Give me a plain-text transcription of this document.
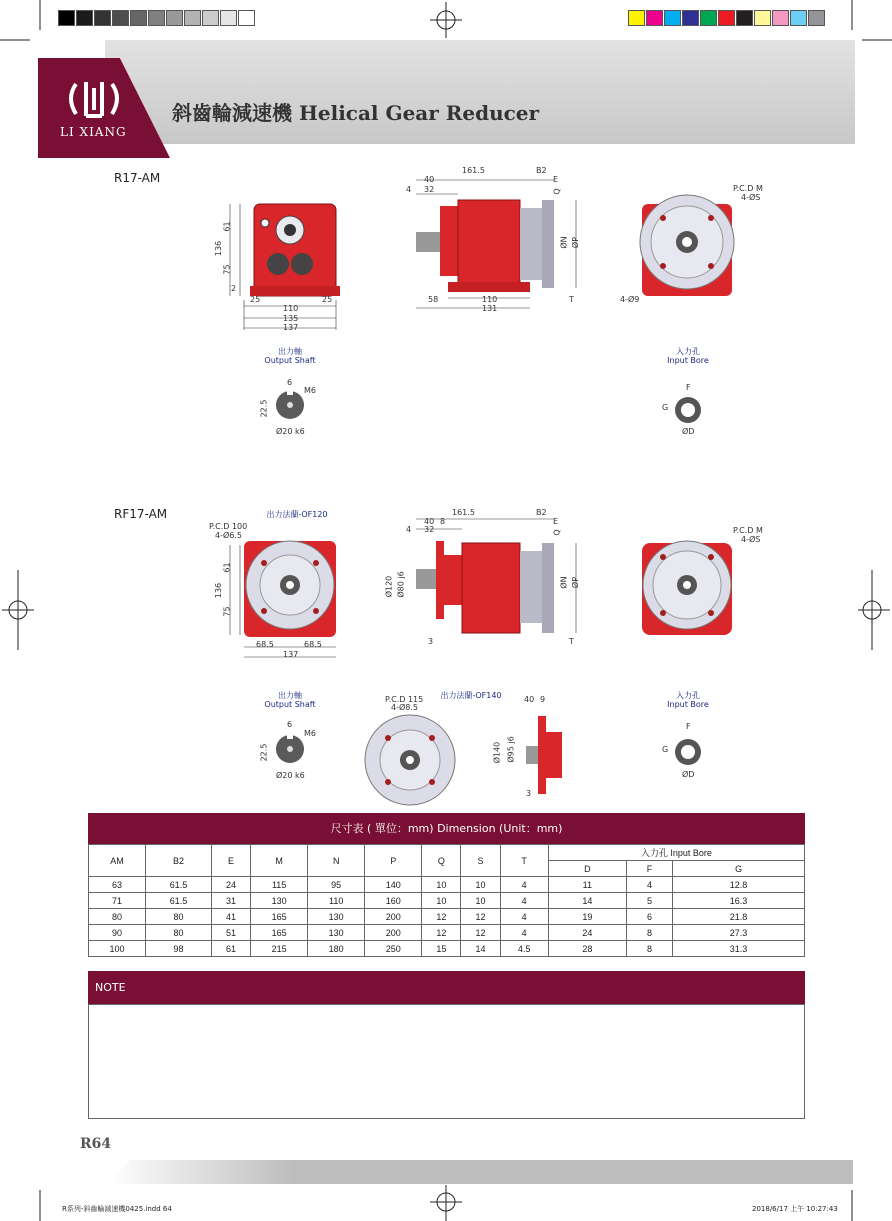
LI XIANG
斜齒輪減速機 Helical Gear Reducer
R17-AM
136
61
75
2
25	25
110
135
137
161.5	B2
40
4 32
E
Q
ØN ØP
58	110
131
T
P.C.D M
4-ØS
4-Ø9
出力軸
Output Shaft
6
M6
22.5
Ø20 k6
入力孔
Input Bore
F
G
ØD
RF17-AM	出力法蘭-OF120
P.C.D 100
4-Ø6.5
136
61
75
68.5	68.5
137
161.5	B2
40 8
4 32
E
Q
Ø120 Ø80 j6	ØN ØP
3	T
P.C.D M
4-ØS
出力軸
Output Shaft
6
M6
22.5
Ø20 k6
出力法蘭-OF140
P.C.D 115
4-Ø8.5
40 9
Ø140 Ø95 j6
3
入力孔
Input Bore
F
G
ØD
尺寸表 ( 單位：mm) Dimension (Unit：mm)
AM	B2	E	M	N	P	Q	S	T	入力孔 Input Bore		
									D	F	G
63	61.5	24	115	95	140	10	10	4	11	4	12.8
71	61.5	31	130	110	160	10	10	4	14	5	16.3
80	80	41	165	130	200	12	12	4	19	6	21.8
90	80	51	165	130	200	12	12	4	24	8	27.3
100	98	61	215	180	250	15	14	4.5	28	8	31.3
NOTE
R64
R系列-斜齒輪減速機0425.indd 64	2018/6/17 上午 10:27:43
